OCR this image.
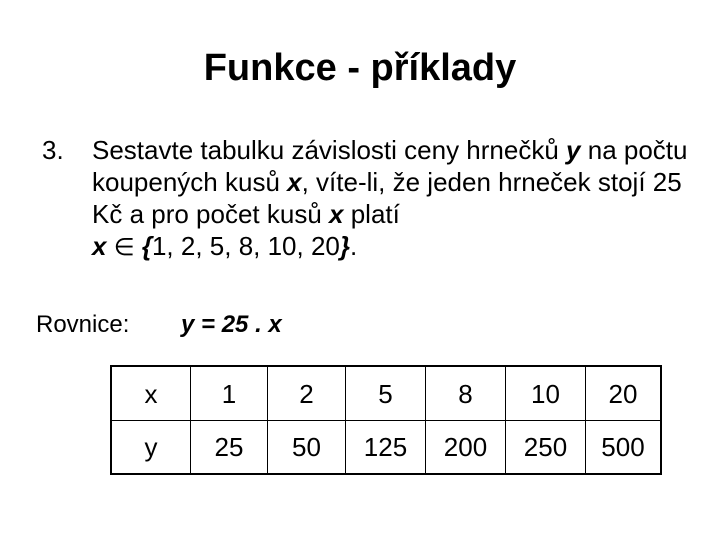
Funkce - příklady
3. Sestavte tabulku závislosti ceny hrnečků y na počtu koupených kusů x, víte-li, že jeden hrneček stojí 25 Kč a pro počet kusů x platí
x ∈ {1, 2, 5, 8, 10, 20}.
Rovnice: y = 25 . x
x	1	2	5	8	10	20
y	25	50	125	200	250	500
